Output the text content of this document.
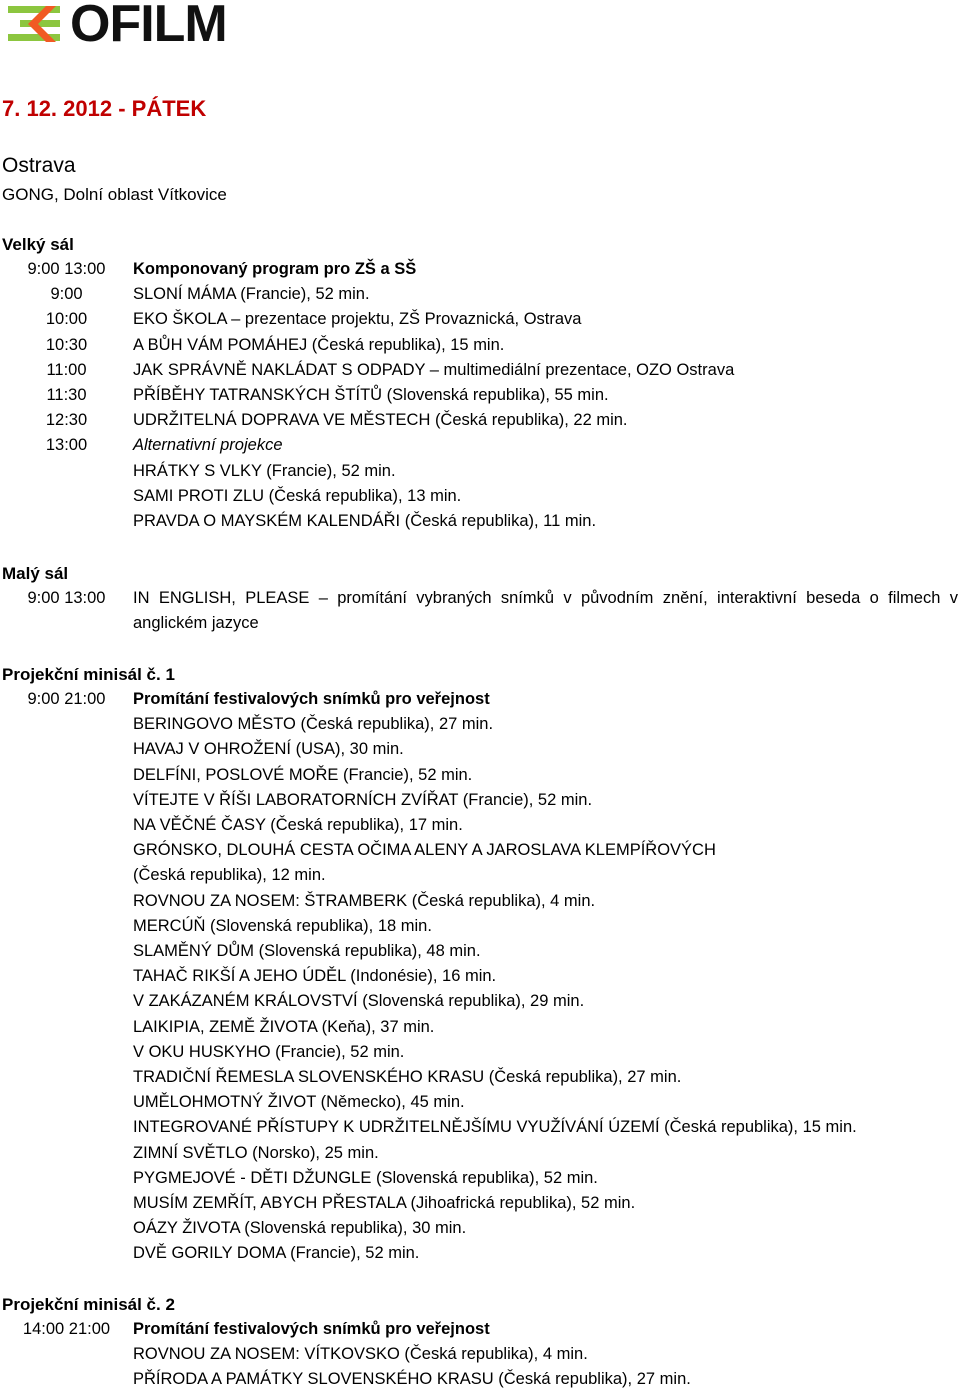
OFILM
7. 12. 2012 - PÁTEK
Ostrava
GONG, Dolní oblast Vítkovice
Velký sál
9:00 13:00	Komponovaný program pro ZŠ a SŠ
9:00	SLONÍ MÁMA (Francie), 52 min.
10:00	EKO ŠKOLA – prezentace projektu, ZŠ Provaznická, Ostrava
10:30	A BŮH VÁM POMÁHEJ (Česká republika), 15 min.
11:00	JAK SPRÁVNĚ NAKLÁDAT S ODPADY – multimediální prezentace, OZO Ostrava
11:30	PŘÍBĚHY TATRANSKÝCH ŠTÍTŮ (Slovenská republika), 55 min.
12:30	UDRŽITELNÁ DOPRAVA VE MĚSTECH (Česká republika), 22 min.
13:00	Alternativní projekce
HRÁTKY S VLKY (Francie), 52 min.
SAMI PROTI ZLU (Česká republika), 13 min.
PRAVDA O MAYSKÉM KALENDÁŘI (Česká republika), 11 min.
Malý sál
9:00 13:00	IN ENGLISH, PLEASE – promítání vybraných snímků v původním znění, interaktivní beseda o filmech v anglickém jazyce
Projekční minisál č. 1
9:00 21:00	Promítání festivalových snímků pro veřejnost
BERINGOVO MĚSTO (Česká republika), 27 min.
HAVAJ V OHROŽENÍ (USA), 30 min.
DELFÍNI, POSLOVÉ MOŘE (Francie), 52 min.
VÍTEJTE V ŘÍŠI LABORATORNÍCH ZVÍŘAT (Francie), 52 min.
NA VĚČNÉ ČASY (Česká republika), 17 min.
GRÓNSKO, DLOUHÁ CESTA OČIMA ALENY A JAROSLAVA KLEMPÍŘOVÝCH
(Česká republika), 12 min.
ROVNOU ZA NOSEM: ŠTRAMBERK (Česká republika), 4 min.
MERCÚŇ (Slovenská republika), 18 min.
SLAMĚNÝ DŮM (Slovenská republika), 48 min.
TAHAČ RIKŠÍ A JEHO ÚDĚL (Indonésie), 16 min.
V ZAKÁZANÉM KRÁLOVSTVÍ (Slovenská republika), 29 min.
LAIKIPIA, ZEMĚ ŽIVOTA (Keňa), 37 min.
V OKU HUSKYHO (Francie), 52 min.
TRADIČNÍ ŘEMESLA SLOVENSKÉHO KRASU (Česká republika), 27 min.
UMĚLOHMOTNÝ ŽIVOT (Německo), 45 min.
INTEGROVANÉ PŘÍSTUPY K UDRŽITELNĚJŠÍMU VYUŽÍVÁNÍ ÚZEMÍ (Česká republika), 15 min.
ZIMNÍ SVĚTLO (Norsko), 25 min.
PYGMEJOVÉ - DĚTI DŽUNGLE (Slovenská republika), 52 min.
MUSÍM ZEMŘÍT, ABYCH PŘESTALA (Jihoafrická republika), 52 min.
OÁZY ŽIVOTA (Slovenská republika), 30 min.
DVĚ GORILY DOMA (Francie), 52 min.
Projekční minisál č. 2
14:00 21:00	Promítání festivalových snímků pro veřejnost
ROVNOU ZA NOSEM: VÍTKOVSKO (Česká republika), 4 min.
PŘÍRODA A PAMÁTKY SLOVENSKÉHO KRASU (Česká republika), 27 min.
